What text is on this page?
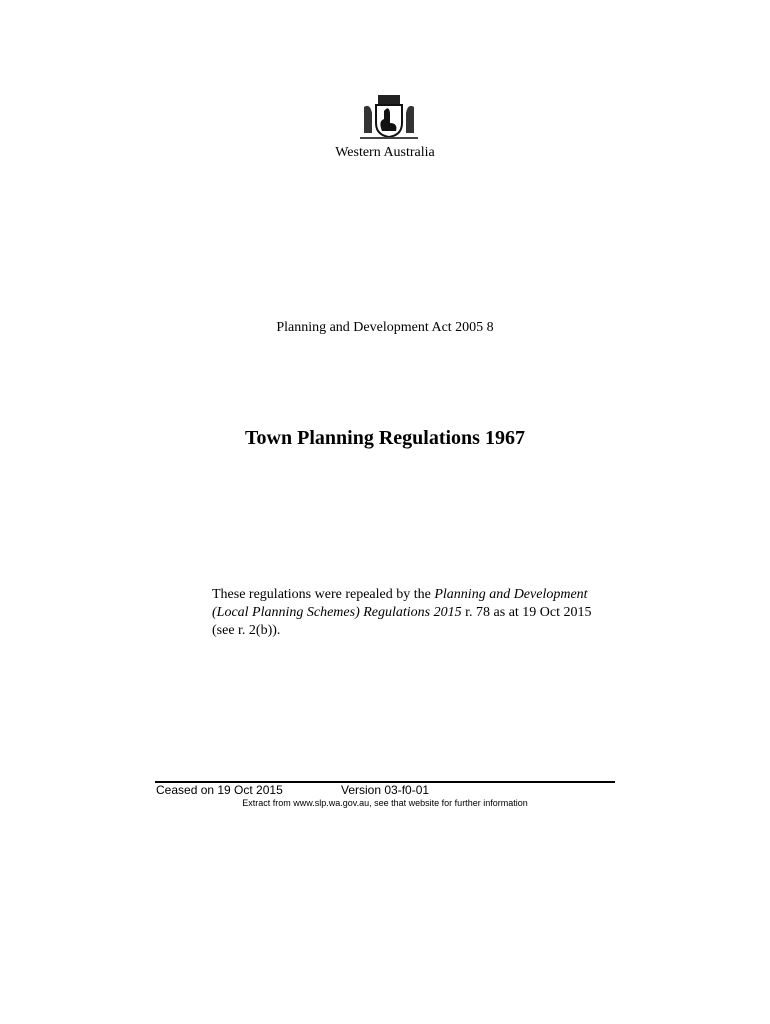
Western Australia
Planning and Development Act 2005 8
Town Planning Regulations 1967
These regulations were repealed by the Planning and Development (Local Planning Schemes) Regulations 2015 r. 78 as at 19 Oct 2015 (see r. 2(b)).
Ceased on 19 Oct 2015	Version 03-f0-01
Extract from www.slp.wa.gov.au, see that website for further information
